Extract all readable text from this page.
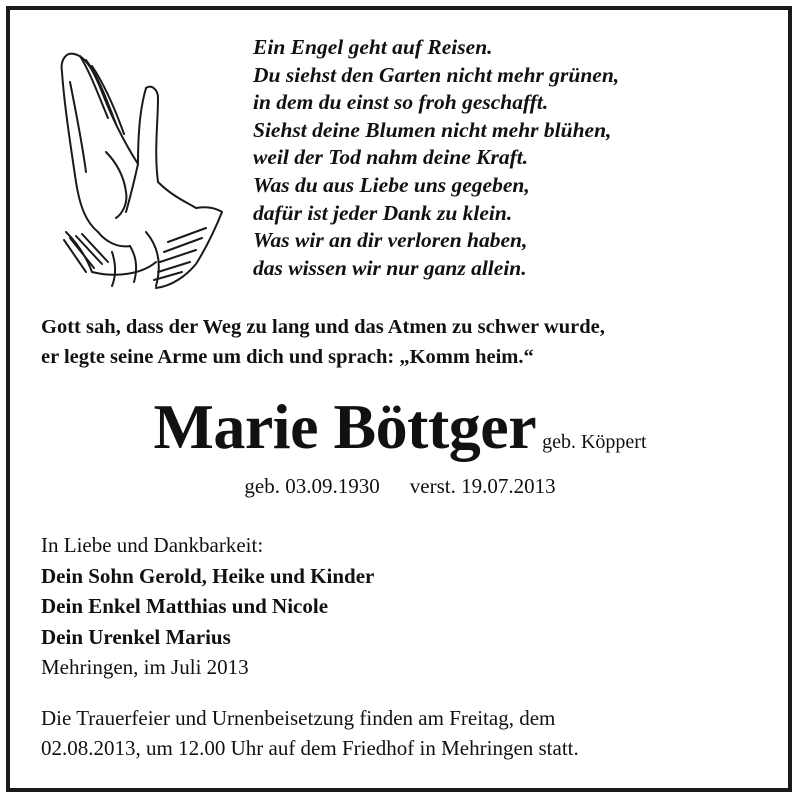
Ein Engel geht auf Reisen.
Du siehst den Garten nicht mehr grünen,
in dem du einst so froh geschafft.
Siehst deine Blumen nicht mehr blühen,
weil der Tod nahm deine Kraft.
Was du aus Liebe uns gegeben,
dafür ist jeder Dank zu klein.
Was wir an dir verloren haben,
das wissen wir nur ganz allein.
Gott sah, dass der Weg zu lang und das Atmen zu schwer wurde,
er legte seine Arme um dich und sprach: „Komm heim.“
Marie Böttger geb. Köppert
geb. 03.09.1930 verst. 19.07.2013
In Liebe und Dankbarkeit:
Dein Sohn Gerold, Heike und Kinder
Dein Enkel Matthias und Nicole
Dein Urenkel Marius
Mehringen, im Juli 2013
Die Trauerfeier und Urnenbeisetzung finden am Freitag, dem
02.08.2013, um 12.00 Uhr auf dem Friedhof in Mehringen statt.
